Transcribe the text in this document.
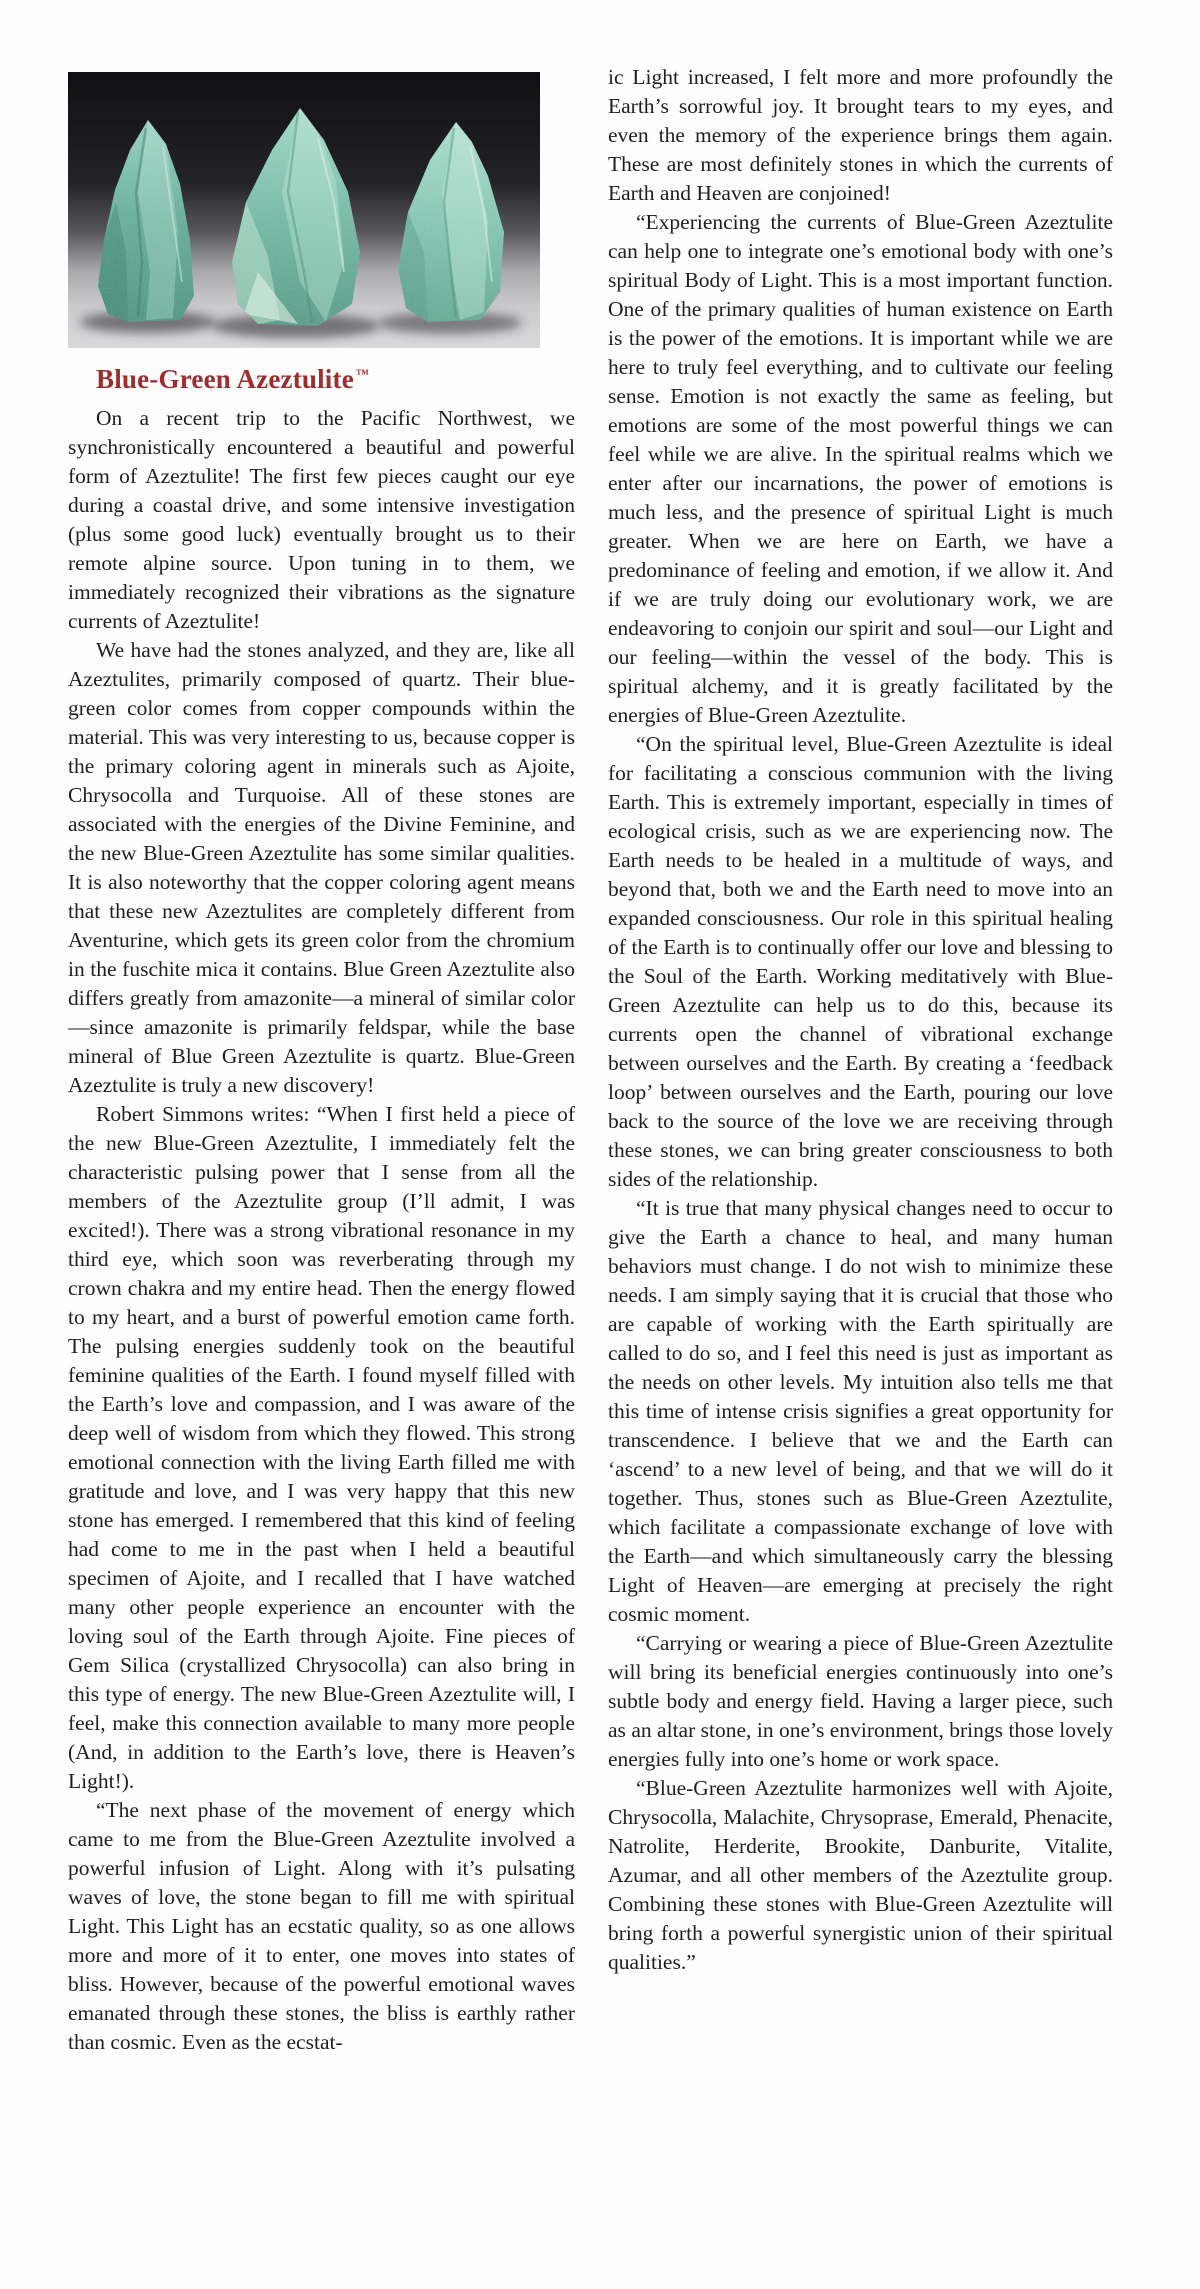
Blue-Green Azeztulite ™

On a recent trip to the Pacific Northwest, we synchronistically encountered a beautiful and powerful form of Azeztulite! The first few pieces caught our eye during a coastal drive, and some intensive investigation (plus some good luck) eventually brought us to their remote alpine source. Upon tuning in to them, we immediately recognized their vibrations as the signature currents of Azeztulite!

We have had the stones analyzed, and they are, like all Azeztulites, primarily composed of quartz. Their blue-green color comes from copper compounds within the material. This was very interesting to us, because copper is the primary coloring agent in minerals such as Ajoite, Chrysocolla and Turquoise. All of these stones are associated with the energies of the Divine Feminine, and the new Blue-Green Azeztulite has some similar qualities. It is also noteworthy that the copper coloring agent means that these new Azeztulites are completely different from Aventurine, which gets its green color from the chromium in the fuschite mica it contains. Blue Green Azeztulite also differs greatly from amazonite—a mineral of similar color—since amazonite is primarily feldspar, while the base mineral of Blue Green Azeztulite is quartz. Blue-Green Azeztulite is truly a new discovery!

Robert Simmons writes: “When I first held a piece of the new Blue-Green Azeztulite, I immediately felt the characteristic pulsing power that I sense from all the members of the Azeztulite group (I’ll admit, I was excited!). There was a strong vibrational resonance in my third eye, which soon was reverberating through my crown chakra and my entire head. Then the energy flowed to my heart, and a burst of powerful emotion came forth. The pulsing energies suddenly took on the beautiful feminine qualities of the Earth. I found myself filled with the Earth’s love and compassion, and I was aware of the deep well of wisdom from which they flowed. This strong emotional connection with the living Earth filled me with gratitude and love, and I was very happy that this new stone has emerged. I remembered that this kind of feeling had come to me in the past when I held a beautiful specimen of Ajoite, and I recalled that I have watched many other people experience an encounter with the loving soul of the Earth through Ajoite. Fine pieces of Gem Silica (crystallized Chrysocolla) can also bring in this type of energy. The new Blue-Green Azeztulite will, I feel, make this connection available to many more people (And, in addition to the Earth’s love, there is Heaven’s Light!).

“The next phase of the movement of energy which came to me from the Blue-Green Azeztulite involved a powerful infusion of Light. Along with it’s pulsating waves of love, the stone began to fill me with spiritual Light. This Light has an ecstatic quality, so as one allows more and more of it to enter, one moves into states of bliss. However, because of the powerful emotional waves emanated through these stones, the bliss is earthly rather than cosmic. Even as the ecstat-

ic Light increased, I felt more and more profoundly the Earth’s sorrowful joy. It brought tears to my eyes, and even the memory of the experience brings them again. These are most definitely stones in which the currents of Earth and Heaven are conjoined!

“Experiencing the currents of Blue-Green Azeztulite can help one to integrate one’s emotional body with one’s spiritual Body of Light. This is a most important function. One of the primary qualities of human existence on Earth is the power of the emotions. It is important while we are here to truly feel everything, and to cultivate our feeling sense. Emotion is not exactly the same as feeling, but emotions are some of the most powerful things we can feel while we are alive. In the spiritual realms which we enter after our incarnations, the power of emotions is much less, and the presence of spiritual Light is much greater. When we are here on Earth, we have a predominance of feeling and emotion, if we allow it. And if we are truly doing our evolutionary work, we are endeavoring to conjoin our spirit and soul—our Light and our feeling—within the vessel of the body. This is spiritual alchemy, and it is greatly facilitated by the energies of Blue-Green Azeztulite.

“On the spiritual level, Blue-Green Azeztulite is ideal for facilitating a conscious communion with the living Earth. This is extremely important, especially in times of ecological crisis, such as we are experiencing now. The Earth needs to be healed in a multitude of ways, and beyond that, both we and the Earth need to move into an expanded consciousness. Our role in this spiritual healing of the Earth is to continually offer our love and blessing to the Soul of the Earth. Working meditatively with Blue-Green Azeztulite can help us to do this, because its currents open the channel of vibrational exchange between ourselves and the Earth. By creating a ‘feedback loop’ between ourselves and the Earth, pouring our love back to the source of the love we are receiving through these stones, we can bring greater consciousness to both sides of the relationship.

“It is true that many physical changes need to occur to give the Earth a chance to heal, and many human behaviors must change. I do not wish to minimize these needs. I am simply saying that it is crucial that those who are capable of working with the Earth spiritually are called to do so, and I feel this need is just as important as the needs on other levels. My intuition also tells me that this time of intense crisis signifies a great opportunity for transcendence. I believe that we and the Earth can ‘ascend’ to a new level of being, and that we will do it together. Thus, stones such as Blue-Green Azeztulite, which facilitate a compassionate exchange of love with the Earth—and which simultaneously carry the blessing Light of Heaven—are emerging at precisely the right cosmic moment.

“Carrying or wearing a piece of Blue-Green Azeztulite will bring its beneficial energies continuously into one’s subtle body and energy field. Having a larger piece, such as an altar stone, in one’s environment, brings those lovely energies fully into one’s home or work space.

“Blue-Green Azeztulite harmonizes well with Ajoite, Chrysocolla, Malachite, Chrysoprase, Emerald, Phenacite, Natrolite, Herderite, Brookite, Danburite, Vitalite, Azumar, and all other members of the Azeztulite group. Combining these stones with Blue-Green Azeztulite will bring forth a powerful synergistic union of their spiritual qualities.”
